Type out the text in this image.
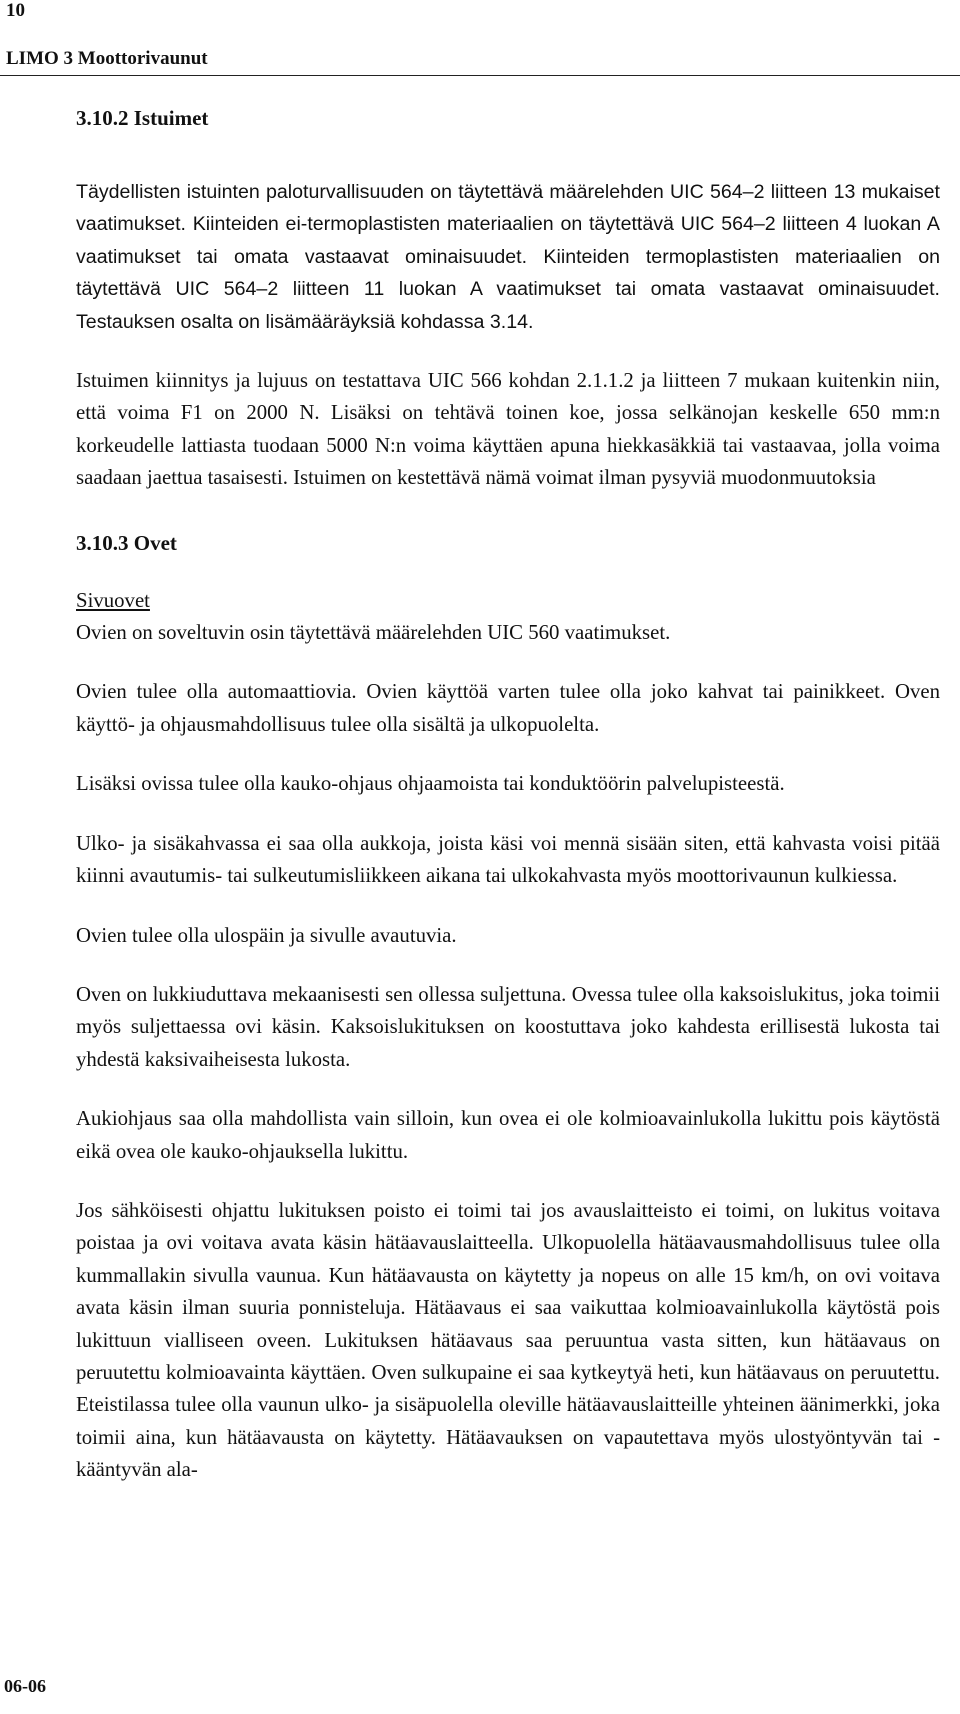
10
LIMO 3 Moottorivaunut
3.10.2 Istuimet

Täydellisten istuinten paloturvallisuuden on täytettävä määrelehden UIC 564–2 liitteen 13 mukaiset vaatimukset. Kiinteiden ei-termoplastisten materiaalien on täytettävä UIC 564–2 liitteen 4 luokan A vaatimukset tai omata vastaavat ominaisuudet. Kiinteiden termoplastisten materiaalien on täytettävä UIC 564–2 liitteen 11 luokan A vaatimukset tai omata vastaavat ominaisuudet. Testauksen osalta on lisämääräyksiä kohdassa 3.14.

Istuimen kiinnitys ja lujuus on testattava UIC 566 kohdan 2.1.1.2 ja liitteen 7 mukaan kuitenkin niin, että voima F1 on 2000 N. Lisäksi on tehtävä toinen koe, jossa selkänojan keskelle 650 mm:n korkeudelle lattiasta tuodaan 5000 N:n voima käyttäen apuna hiekkasäkkiä tai vastaavaa, jolla voima saadaan jaettua tasaisesti. Istuimen on kestettävä nämä voimat ilman pysyviä muodonmuutoksia

3.10.3 Ovet
Sivuovet

Ovien on soveltuvin osin täytettävä määrelehden UIC 560 vaatimukset.

Ovien tulee olla automaattiovia. Ovien käyttöä varten tulee olla joko kahvat tai painikkeet. Oven käyttö- ja ohjausmahdollisuus tulee olla sisältä ja ulkopuolelta.

Lisäksi ovissa tulee olla kauko-ohjaus ohjaamoista tai konduktöörin palvelupisteestä.

Ulko- ja sisäkahvassa ei saa olla aukkoja, joista käsi voi mennä sisään siten, että kahvasta voisi pitää kiinni avautumis- tai sulkeutumisliikkeen aikana tai ulkokahvasta myös moottorivaunun kulkiessa.

Ovien tulee olla ulospäin ja sivulle avautuvia.

Oven on lukkiuduttava mekaanisesti sen ollessa suljettuna. Ovessa tulee olla kaksoislukitus, joka toimii myös suljettaessa ovi käsin. Kaksoislukituksen on koostuttava joko kahdesta erillisestä lukosta tai yhdestä kaksivaiheisesta lukosta.

Aukiohjaus saa olla mahdollista vain silloin, kun ovea ei ole kolmioavainlukolla lukittu pois käytöstä eikä ovea ole kauko-ohjauksella lukittu.

Jos sähköisesti ohjattu lukituksen poisto ei toimi tai jos avauslaitteisto ei toimi, on lukitus voitava poistaa ja ovi voitava avata käsin hätäavauslaitteella. Ulkopuolella hätäavausmahdollisuus tulee olla kummallakin sivulla vaunua. Kun hätäavausta on käytetty ja nopeus on alle 15 km/h, on ovi voitava avata käsin ilman suuria ponnisteluja. Hätäavaus ei saa vaikuttaa kolmioavainlukolla käytöstä pois lukittuun vialliseen oveen. Lukituksen hätäavaus saa peruuntua vasta sitten, kun hätäavaus on peruutettu kolmioavainta käyttäen. Oven sulkupaine ei saa kytkeytyä heti, kun hätäavaus on peruutettu. Eteistilassa tulee olla vaunun ulko- ja sisäpuolella oleville hätäavauslaitteille yhteinen äänimerkki, joka toimii aina, kun hätäavausta on käytetty. Hätäavauksen on vapautettava myös ulostyöntyvän tai -kääntyvän ala-

06-06
